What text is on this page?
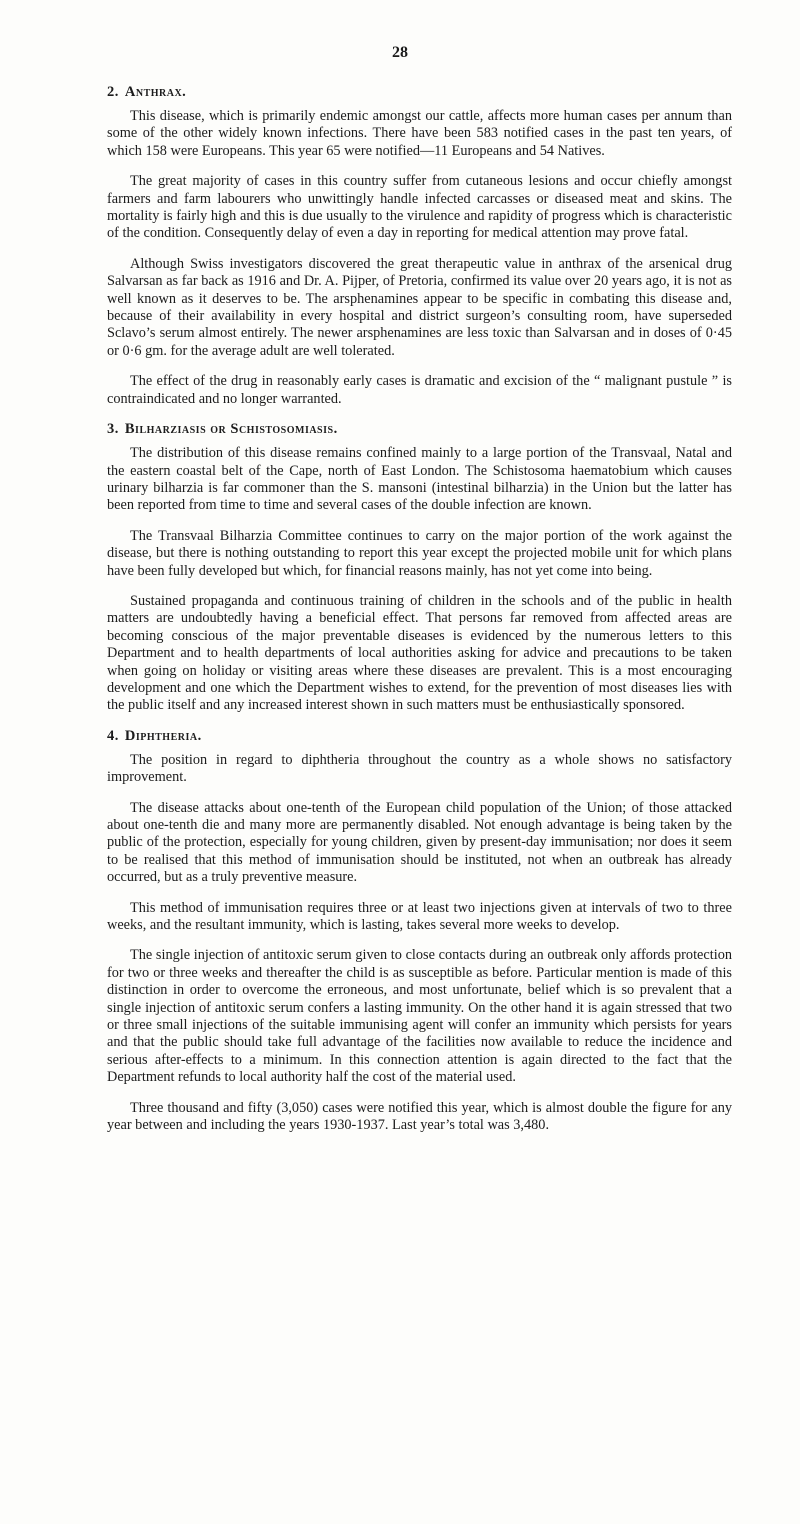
28
2. Anthrax.

This disease, which is primarily endemic amongst our cattle, affects more human cases per annum than some of the other widely known infections. There have been 583 notified cases in the past ten years, of which 158 were Europeans. This year 65 were notified—11 Europeans and 54 Natives.

The great majority of cases in this country suffer from cutaneous lesions and occur chiefly amongst farmers and farm labourers who unwittingly handle infected carcasses or diseased meat and skins. The mortality is fairly high and this is due usually to the virulence and rapidity of progress which is characteristic of the condition. Consequently delay of even a day in reporting for medical attention may prove fatal.

Although Swiss investigators discovered the great therapeutic value in anthrax of the arsenical drug Salvarsan as far back as 1916 and Dr. A. Pijper, of Pretoria, confirmed its value over 20 years ago, it is not as well known as it deserves to be. The arsphenamines appear to be specific in combating this disease and, because of their availability in every hospital and district surgeon’s consulting room, have superseded Sclavo’s serum almost entirely. The newer arsphenamines are less toxic than Salvarsan and in doses of 0·45 or 0·6 gm. for the average adult are well tolerated.

The effect of the drug in reasonably early cases is dramatic and excision of the “ malignant pustule ” is contraindicated and no longer warranted.

3. Bilharziasis or Schistosomiasis.

The distribution of this disease remains confined mainly to a large portion of the Transvaal, Natal and the eastern coastal belt of the Cape, north of East London. The Schistosoma haematobium which causes urinary bilharzia is far commoner than the S. mansoni (intestinal bilharzia) in the Union but the latter has been reported from time to time and several cases of the double infection are known.

The Transvaal Bilharzia Committee continues to carry on the major portion of the work against the disease, but there is nothing outstanding to report this year except the projected mobile unit for which plans have been fully developed but which, for financial reasons mainly, has not yet come into being.

Sustained propaganda and continuous training of children in the schools and of the public in health matters are undoubtedly having a beneficial effect. That persons far removed from affected areas are becoming conscious of the major preventable diseases is evidenced by the numerous letters to this Department and to health departments of local authorities asking for advice and precautions to be taken when going on holiday or visiting areas where these diseases are prevalent. This is a most encouraging development and one which the Department wishes to extend, for the prevention of most diseases lies with the public itself and any increased interest shown in such matters must be enthusiastically sponsored.

4. Diphtheria.

The position in regard to diphtheria throughout the country as a whole shows no satisfactory improvement.

The disease attacks about one-tenth of the European child population of the Union; of those attacked about one-tenth die and many more are permanently disabled. Not enough advantage is being taken by the public of the protection, especially for young children, given by present-day immunisation; nor does it seem to be realised that this method of immunisation should be instituted, not when an outbreak has already occurred, but as a truly preventive measure.

This method of immunisation requires three or at least two injections given at intervals of two to three weeks, and the resultant immunity, which is lasting, takes several more weeks to develop.

The single injection of antitoxic serum given to close contacts during an outbreak only affords protection for two or three weeks and thereafter the child is as susceptible as before. Particular mention is made of this distinction in order to overcome the erroneous, and most unfortunate, belief which is so prevalent that a single injection of antitoxic serum confers a lasting immunity. On the other hand it is again stressed that two or three small injections of the suitable immunising agent will confer an immunity which persists for years and that the public should take full advantage of the facilities now available to reduce the incidence and serious after-effects to a minimum. In this connection attention is again directed to the fact that the Department refunds to local authority half the cost of the material used.

Three thousand and fifty (3,050) cases were notified this year, which is almost double the figure for any year between and including the years 1930-1937. Last year’s total was 3,480.
